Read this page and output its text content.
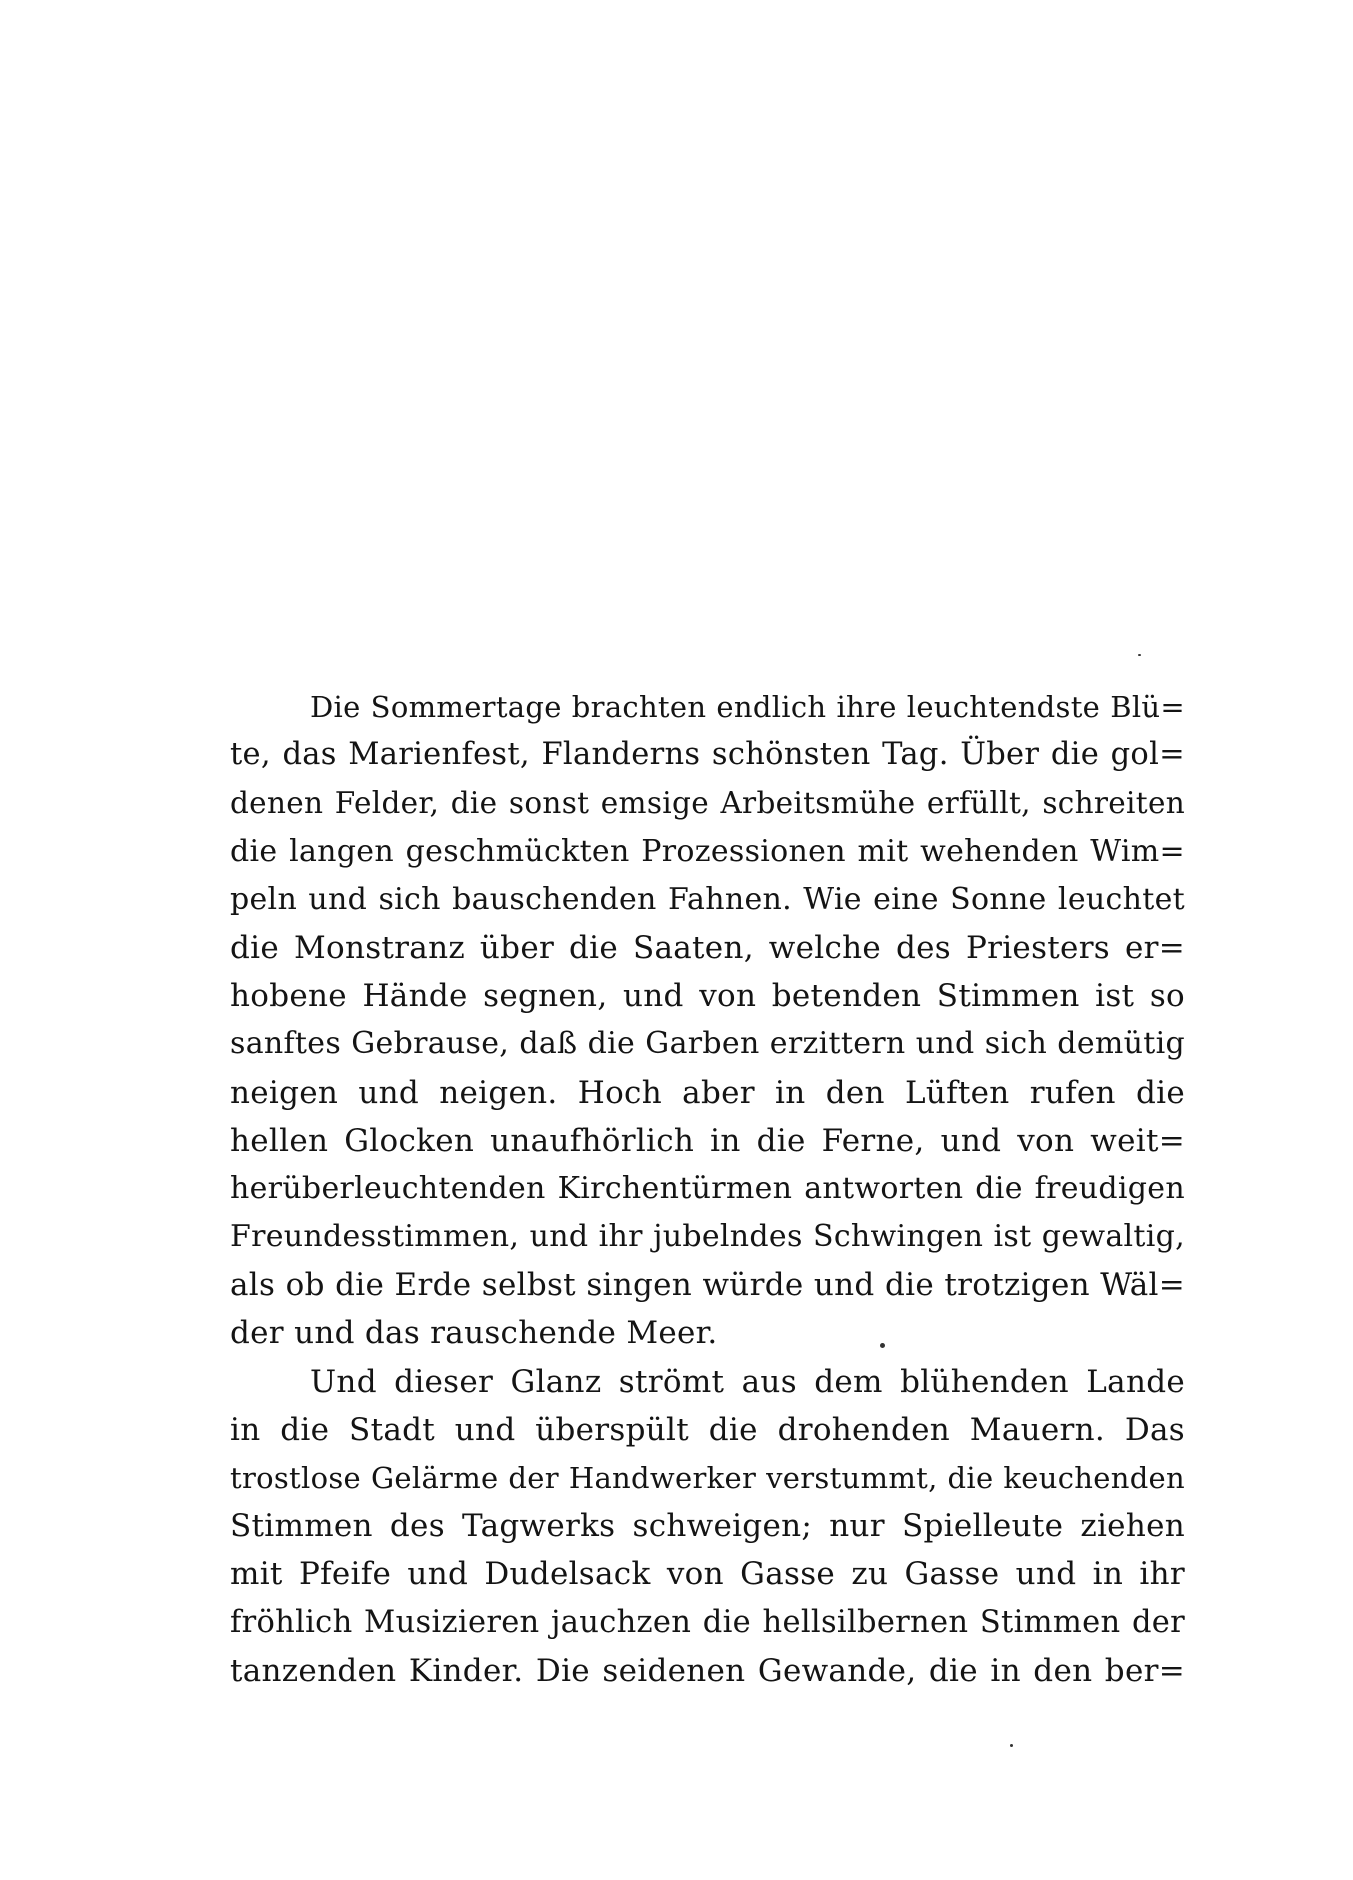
Die Sommertage brachten endlich ihre leuchtendste Blü=
te, das Marienfest, Flanderns schönsten Tag. Über die gol=
denen Felder, die sonst emsige Arbeitsmühe erfüllt, schreiten
die langen geschmückten Prozessionen mit wehenden Wim=
peln und sich bauschenden Fahnen. Wie eine Sonne leuchtet
die Monstranz über die Saaten, welche des Priesters er=
hobene Hände segnen, und von betenden Stimmen ist so
sanftes Gebrause, daß die Garben erzittern und sich demütig
neigen und neigen. Hoch aber in den Lüften rufen die
hellen Glocken unaufhörlich in die Ferne, und von weit=
herüberleuchtenden Kirchentürmen antworten die freudigen
Freundesstimmen, und ihr jubelndes Schwingen ist gewaltig,
als ob die Erde selbst singen würde und die trotzigen Wäl=
der und das rauschende Meer.
Und dieser Glanz strömt aus dem blühenden Lande
in die Stadt und überspült die drohenden Mauern. Das
trostlose Gelärme der Handwerker verstummt, die keuchenden
Stimmen des Tagwerks schweigen; nur Spielleute ziehen
mit Pfeife und Dudelsack von Gasse zu Gasse und in ihr
fröhlich Musizieren jauchzen die hellsilbernen Stimmen der
tanzenden Kinder. Die seidenen Gewande, die in den ber=
